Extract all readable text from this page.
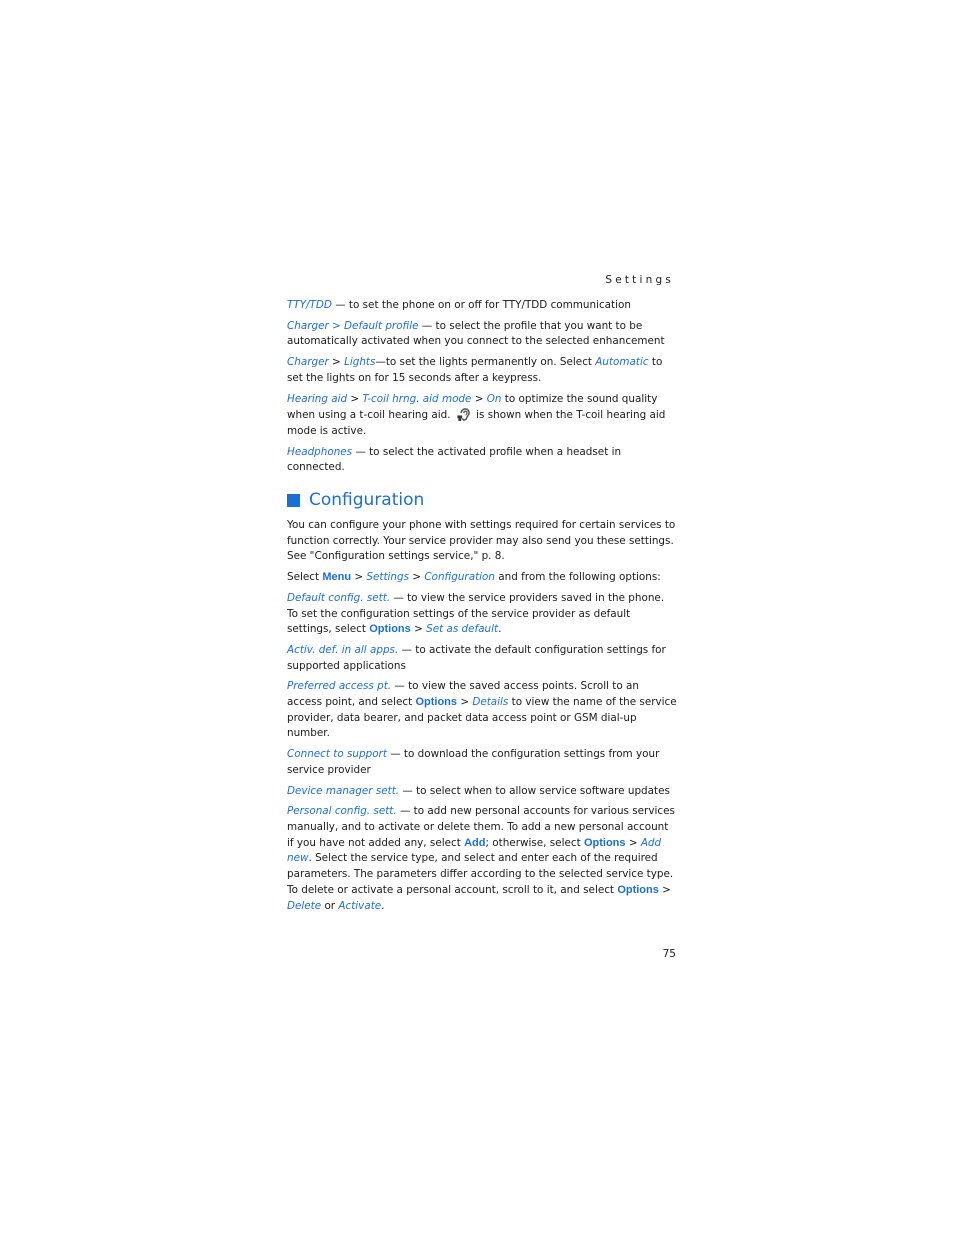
Settings

TTY/TDD — to set the phone on or off for TTY/TDD communication

Charger > Default profile — to select the profile that you want to be automatically activated when you connect to the selected enhancement

Charger > Lights—to set the lights permanently on. Select Automatic to set the lights on for 15 seconds after a keypress.

Hearing aid > T-coil hrng. aid mode > On to optimize the sound quality when using a t-coil hearing aid.  is shown when the T-coil hearing aid mode is active.

Headphones — to select the activated profile when a headset in connected.

Configuration

You can configure your phone with settings required for certain services to function correctly. Your service provider may also send you these settings. See "Configuration settings service," p. 8.

Select Menu > Settings > Configuration and from the following options:

Default config. sett. — to view the service providers saved in the phone. To set the configuration settings of the service provider as default settings, select Options > Set as default.

Activ. def. in all apps. — to activate the default configuration settings for supported applications

Preferred access pt. — to view the saved access points. Scroll to an access point, and select Options > Details to view the name of the service provider, data bearer, and packet data access point or GSM dial-up number.

Connect to support — to download the configuration settings from your service provider

Device manager sett. — to select when to allow service software updates

Personal config. sett. — to add new personal accounts for various services manually, and to activate or delete them. To add a new personal account if you have not added any, select Add; otherwise, select Options > Add new. Select the service type, and select and enter each of the required parameters. The parameters differ according to the selected service type. To delete or activate a personal account, scroll to it, and select Options > Delete or Activate.

75
